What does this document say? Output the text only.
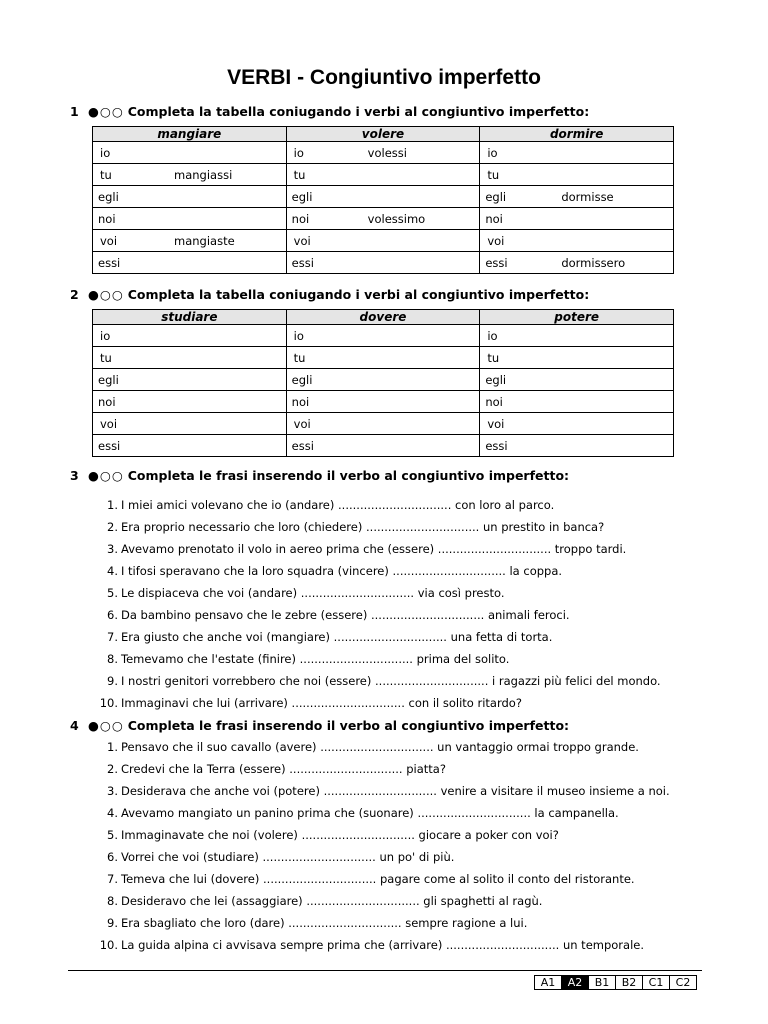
VERBI - Congiuntivo imperfetto
1 ●○○ Completa la tabella coniugando i verbi al congiuntivo imperfetto:
mangiare	volere	dormire
io	io volessi	io
tu mangiassi	tu	tu
egli	egli	egli dormisse
noi	noi volessimo	noi
voi mangiaste	voi	voi
essi	essi	essi dormissero
2 ●○○ Completa la tabella coniugando i verbi al congiuntivo imperfetto:
studiare	dovere	potere
io	io	io
tu	tu	tu
egli	egli	egli
noi	noi	noi
voi	voi	voi
essi	essi	essi
3 ●○○ Completa le frasi inserendo il verbo al congiuntivo imperfetto:
1. I miei amici volevano che io (andare) ............................... con loro al parco.
2. Era proprio necessario che loro (chiedere) ............................... un prestito in banca?
3. Avevamo prenotato il volo in aereo prima che (essere) ............................... troppo tardi.
4. I tifosi speravano che la loro squadra (vincere) ............................... la coppa.
5. Le dispiaceva che voi (andare) ............................... via così presto.
6. Da bambino pensavo che le zebre (essere) ............................... animali feroci.
7. Era giusto che anche voi (mangiare) ............................... una fetta di torta.
8. Temevamo che l'estate (finire) ............................... prima del solito.
9. I nostri genitori vorrebbero che noi (essere) ............................... i ragazzi più felici del mondo.
10. Immaginavi che lui (arrivare) ............................... con il solito ritardo?
4 ●○○ Completa le frasi inserendo il verbo al congiuntivo imperfetto:
1. Pensavo che il suo cavallo (avere) ............................... un vantaggio ormai troppo grande.
2. Credevi che la Terra (essere) ............................... piatta?
3. Desiderava che anche voi (potere) ............................... venire a visitare il museo insieme a noi.
4. Avevamo mangiato un panino prima che (suonare) ............................... la campanella.
5. Immaginavate che noi (volere) ............................... giocare a poker con voi?
6. Vorrei che voi (studiare) ............................... un po' di più.
7. Temeva che lui (dovere) ............................... pagare come al solito il conto del ristorante.
8. Desideravo che lei (assaggiare) ............................... gli spaghetti al ragù.
9. Era sbagliato che loro (dare) ............................... sempre ragione a lui.
10. La guida alpina ci avvisava sempre prima che (arrivare) ............................... un temporale.
A1	A2	B1	B2	C1	C2
